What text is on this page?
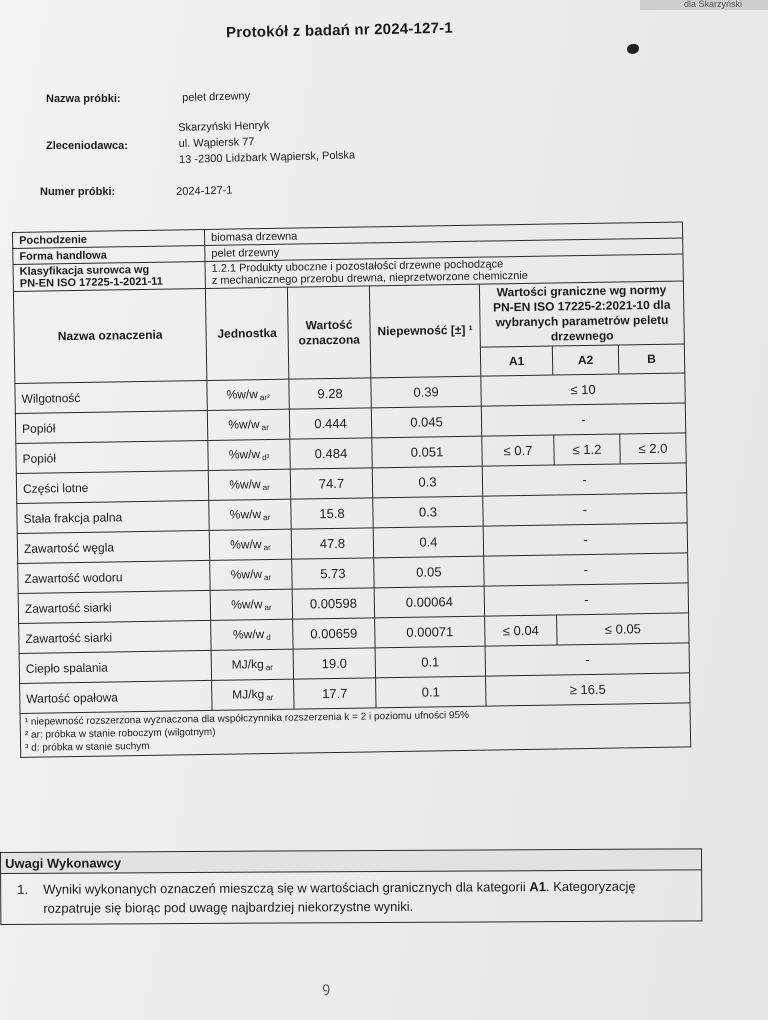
dla Skarzyński
Protokół z badań nr 2024-127-1
Nazwa próbki:	pelet drzewny
Zleceniodawca:
Skarzyński Henryk
ul. Wąpiersk 77
13 -2300 Lidzbark Wąpiersk, Polska
Numer próbki:	2024-127-1
Pochodzenie	biomasa drzewna					
Forma handlowa	pelet drzewny					

Klasyfikacja surowca wg
PN-EN ISO 17225-1-2021-11	1.2.1 Produkty uboczne i pozostałości drzewne pochodzące
z mechanicznego przerobu drewna, nieprzetworzone chemicznie					

Nazwa oznaczenia	Jednostka	Wartość oznaczona	Niepewność [±] ¹	Wartości graniczne wg normy PN-EN ISO 17225-2:2021-10 dla wybranych parametrów peletu drzewnego		
				A1	A2	B
Wilgotność	%w/w $_{ar^2}$	9.28	0.39	≤ 10		
Popiół	%w/w $_{ar}$	0.444	0.045	-		
Popiół	%w/w $_{d^3}$	0.484	0.051	≤ 0.7	≤ 1.2	≤ 2.0
Części lotne	%w/w $_{ar}$	74.7	0.3	-		
Stała frakcja palna	%w/w $_{ar}$	15.8	0.3	-		
Zawartość węgla	%w/w $_{ar}$	47.8	0.4	-		
Zawartość wodoru	%w/w $_{ar}$	5.73	0.05	-		
Zawartość siarki	%w/w $_{ar}$	0.00598	0.00064	-		
Zawartość siarki	%w/w $_d$	0.00659	0.00071	≤ 0.04	≤ 0.05	
Ciepło spalania	MJ/kg $_{ar}$	19.0	0.1	-		
Wartość opałowa	MJ/kg $_{ar}$	17.7	0.1	≥ 16.5		

¹ niepewność rozszerzona wyznaczona dla współczynnika rozszerzenia k = 2 i poziomu ufności 95%
² ar: próbka w stanie roboczym (wilgotnym)
³ d: próbka w stanie suchym						
Uwagi Wykonawcy
1. Wyniki wykonanych oznaczeń mieszczą się w wartościach granicznych dla kategorii A1. Kategoryzację rozpatruje się biorąc pod uwagę najbardziej niekorzystne wyniki.
ꝯ
